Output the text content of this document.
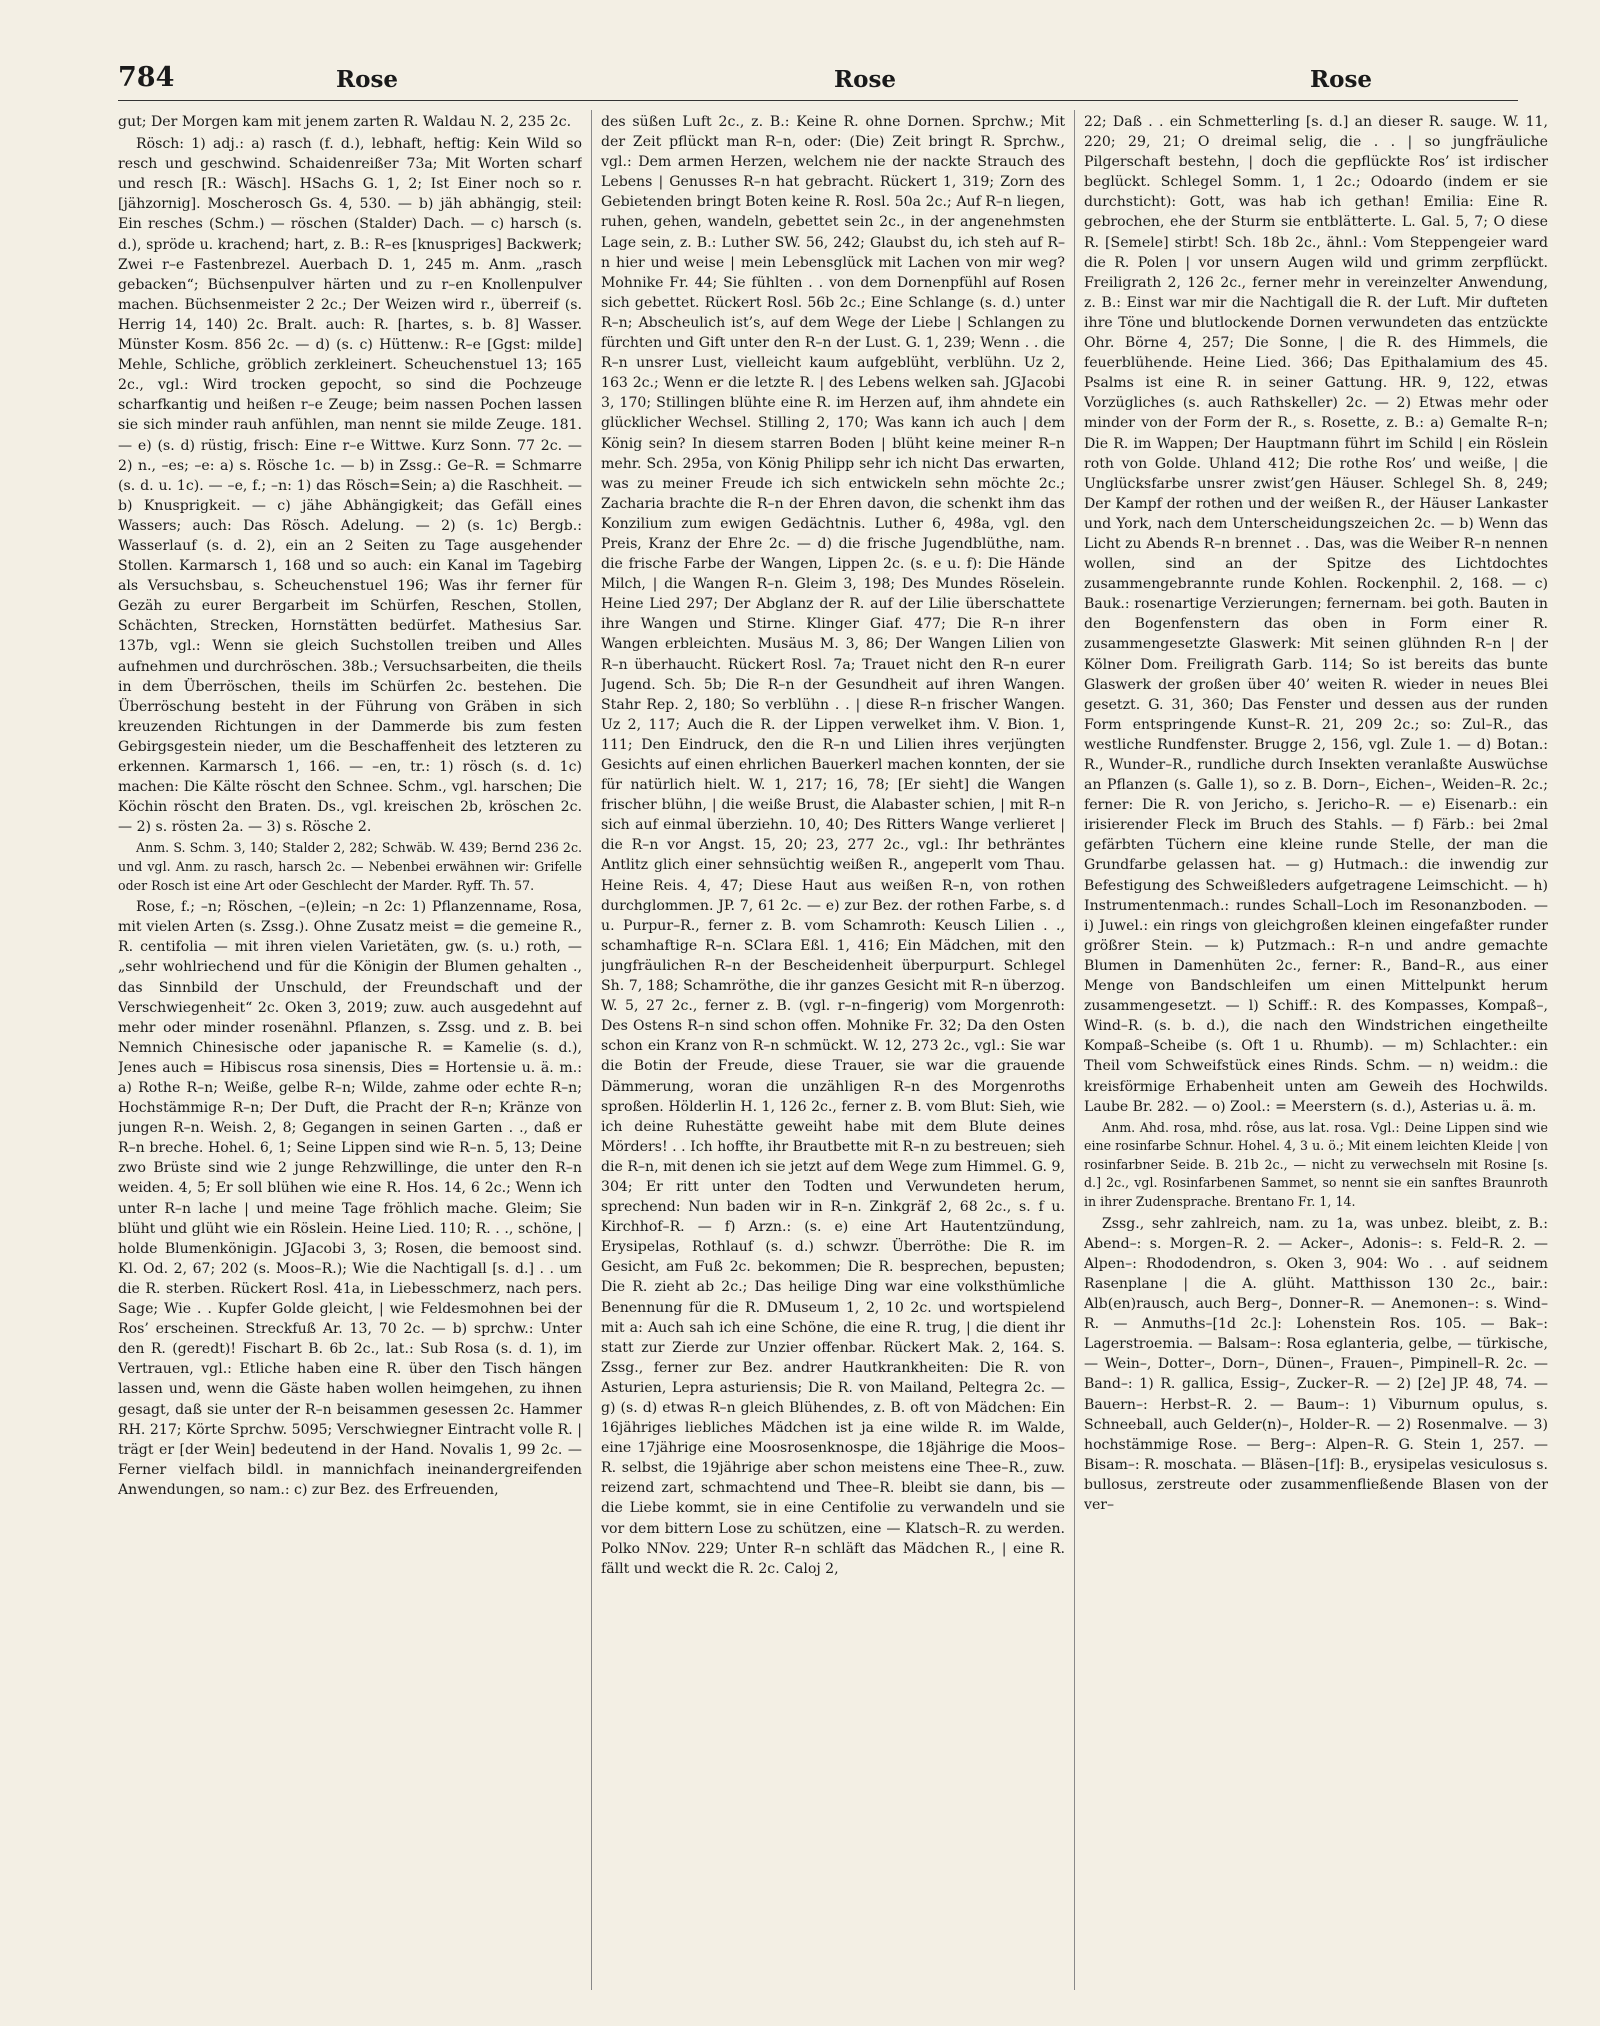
784	Rose	Rose	Rose

gut; Der Morgen kam mit jenem zarten R. Waldau N. 2, 235 2c.

Rösch: 1) adj.: a) rasch (f. d.), lebhaft, heftig: Kein Wild so resch und geschwind. Schaidenreißer 73a; Mit Worten scharf und resch [R.: Wäsch]. HSachs G. 1, 2; Ist Einer noch so r. [jähzornig]. Moscherosch Gs. 4, 530. — b) jäh abhängig, steil: Ein resches (Schm.) — röschen (Stalder) Dach. — c) harsch (s. d.), spröde u. krachend; hart, z. B.: R–es [knuspriges] Backwerk; Zwei r–e Fastenbrezel. Auerbach D. 1, 245 m. Anm. „rasch gebacken“; Büchsenpulver härten und zu r–en Knollenpulver machen. Büchsenmeister 2 2c.; Der Weizen wird r., überreif (s. Herrig 14, 140) 2c. Bralt. auch: R. [hartes, s. b. 8] Wasser. Münster Kosm. 856 2c. — d) (s. c) Hüttenw.: R–e [Ggst: milde] Mehle, Schliche, gröblich zerkleinert. Scheuchenstuel 13; 165 2c., vgl.: Wird trocken gepocht, so sind die Pochzeuge scharfkantig und heißen r–e Zeuge; beim nassen Pochen lassen sie sich minder rauh anfühlen, man nennt sie milde Zeuge. 181. — e) (s. d) rüstig, frisch: Eine r–e Wittwe. Kurz Sonn. 77 2c. — 2) n., –es; –e: a) s. Rösche 1c. — b) in Zssg.: Ge–R. = Schmarre (s. d. u. 1c). — –e, f.; –n: 1) das Rösch=Sein; a) die Raschheit. — b) Knusprigkeit. — c) jähe Abhängigkeit; das Gefäll eines Wassers; auch: Das Rösch. Adelung. — 2) (s. 1c) Bergb.: Wasserlauf (s. d. 2), ein an 2 Seiten zu Tage ausgehender Stollen. Karmarsch 1, 168 und so auch: ein Kanal im Tagebirg als Versuchsbau, s. Scheuchenstuel 196; Was ihr ferner für Gezäh zu eurer Bergarbeit im Schürfen, Reschen, Stollen, Schächten, Strecken, Hornstätten bedürfet. Mathesius Sar. 137b, vgl.: Wenn sie gleich Suchstollen treiben und Alles aufnehmen und durchröschen. 38b.; Versuchsarbeiten, die theils in dem Überröschen, theils im Schürfen 2c. bestehen. Die Überröschung besteht in der Führung von Gräben in sich kreuzenden Richtungen in der Dammerde bis zum festen Gebirgsgestein nieder, um die Beschaffenheit des letzteren zu erkennen. Karmarsch 1, 166. — –en, tr.: 1) rösch (s. d. 1c) machen: Die Kälte röscht den Schnee. Schm., vgl. harschen; Die Köchin röscht den Braten. Ds., vgl. kreischen 2b, kröschen 2c. — 2) s. rösten 2a. — 3) s. Rösche 2.

Anm. S. Schm. 3, 140; Stalder 2, 282; Schwäb. W. 439; Bernd 236 2c. und vgl. Anm. zu rasch, harsch 2c. — Nebenbei erwähnen wir: Grifelle oder Rosch ist eine Art oder Geschlecht der Marder. Ryff. Th. 57.

Rose, f.; –n; Röschen, –(e)lein; –n 2c: 1) Pflanzenname, Rosa, mit vielen Arten (s. Zssg.). Ohne Zusatz meist = die gemeine R., R. centifolia — mit ihren vielen Varietäten, gw. (s. u.) roth, — „sehr wohlriechend und für die Königin der Blumen gehalten ., das Sinnbild der Unschuld, der Freundschaft und der Verschwiegenheit“ 2c. Oken 3, 2019; zuw. auch ausgedehnt auf mehr oder minder rosenähnl. Pflanzen, s. Zssg. und z. B. bei Nemnich Chinesische oder japanische R. = Kamelie (s. d.), Jenes auch = Hibiscus rosa sinensis, Dies = Hortensie u. ä. m.: a) Rothe R–n; Weiße, gelbe R–n; Wilde, zahme oder echte R–n; Hochstämmige R–n; Der Duft, die Pracht der R–n; Kränze von jungen R–n. Weish. 2, 8; Gegangen in seinen Garten . ., daß er R–n breche. Hohel. 6, 1; Seine Lippen sind wie R–n. 5, 13; Deine zwo Brüste sind wie 2 junge Rehzwillinge, die unter den R–n weiden. 4, 5; Er soll blühen wie eine R. Hos. 14, 6 2c.; Wenn ich unter R–n lache | und meine Tage fröhlich mache. Gleim; Sie blüht und glüht wie ein Röslein. Heine Lied. 110; R. . ., schöne, | holde Blumenkönigin. JGJacobi 3, 3; Rosen, die bemoost sind. Kl. Od. 2, 67; 202 (s. Moos–R.); Wie die Nachtigall [s. d.] . . um die R. sterben. Rückert Rosl. 41a, in Liebesschmerz, nach pers. Sage; Wie . . Kupfer Golde gleicht, | wie Feldesmohnen bei der Ros’ erscheinen. Streckfuß Ar. 13, 70 2c. — b) sprchw.: Unter den R. (geredt)! Fischart B. 6b 2c., lat.: Sub Rosa (s. d. 1), im Vertrauen, vgl.: Etliche haben eine R. über den Tisch hängen lassen und, wenn die Gäste haben wollen heimgehen, zu ihnen gesagt, daß sie unter der R–n beisammen gesessen 2c. Hammer RH. 217; Körte Sprchw. 5095; Verschwiegner Eintracht volle R. | trägt er [der Wein] bedeutend in der Hand. Novalis 1, 99 2c. — Ferner vielfach bildl. in mannichfach ineinandergreifenden Anwendungen, so nam.: c) zur Bez. des Erfreuenden,

des süßen Luft 2c., z. B.: Keine R. ohne Dornen. Sprchw.; Mit der Zeit pflückt man R–n, oder: (Die) Zeit bringt R. Sprchw., vgl.: Dem armen Herzen, welchem nie der nackte Strauch des Lebens | Genusses R–n hat gebracht. Rückert 1, 319; Zorn des Gebietenden bringt Boten keine R. Rosl. 50a 2c.; Auf R–n liegen, ruhen, gehen, wandeln, gebettet sein 2c., in der angenehmsten Lage sein, z. B.: Luther SW. 56, 242; Glaubst du, ich steh auf R–n hier und weise | mein Lebensglück mit Lachen von mir weg? Mohnike Fr. 44; Sie fühlten . . von dem Dornenpfühl auf Rosen sich gebettet. Rückert Rosl. 56b 2c.; Eine Schlange (s. d.) unter R–n; Abscheulich ist’s, auf dem Wege der Liebe | Schlangen zu fürchten und Gift unter den R–n der Lust. G. 1, 239; Wenn . . die R–n unsrer Lust, vielleicht kaum aufgeblüht, verblühn. Uz 2, 163 2c.; Wenn er die letzte R. | des Lebens welken sah. JGJacobi 3, 170; Stillingen blühte eine R. im Herzen auf, ihm ahndete ein glücklicher Wechsel. Stilling 2, 170; Was kann ich auch | dem König sein? In diesem starren Boden | blüht keine meiner R–n mehr. Sch. 295a, von König Philipp sehr ich nicht Das erwarten, was zu meiner Freude ich sich entwickeln sehn möchte 2c.; Zacharia brachte die R–n der Ehren davon, die schenkt ihm das Konzilium zum ewigen Gedächtnis. Luther 6, 498a, vgl. den Preis, Kranz der Ehre 2c. — d) die frische Jugendblüthe, nam. die frische Farbe der Wangen, Lippen 2c. (s. e u. f): Die Hände Milch, | die Wangen R–n. Gleim 3, 198; Des Mundes Röselein. Heine Lied 297; Der Abglanz der R. auf der Lilie überschattete ihre Wangen und Stirne. Klinger Giaf. 477; Die R–n ihrer Wangen erbleichten. Musäus M. 3, 86; Der Wangen Lilien von R–n überhaucht. Rückert Rosl. 7a; Trauet nicht den R–n eurer Jugend. Sch. 5b; Die R–n der Gesundheit auf ihren Wangen. Stahr Rep. 2, 180; So verblühn . . | diese R–n frischer Wangen. Uz 2, 117; Auch die R. der Lippen verwelket ihm. V. Bion. 1, 111; Den Eindruck, den die R–n und Lilien ihres verjüngten Gesichts auf einen ehrlichen Bauerkerl machen konnten, der sie für natürlich hielt. W. 1, 217; 16, 78; [Er sieht] die Wangen frischer blühn, | die weiße Brust, die Alabaster schien, | mit R–n sich auf einmal überziehn. 10, 40; Des Ritters Wange verlieret | die R–n vor Angst. 15, 20; 23, 277 2c., vgl.: Ihr bethräntes Antlitz glich einer sehnsüchtig weißen R., angeperlt vom Thau. Heine Reis. 4, 47; Diese Haut aus weißen R–n, von rothen durchglommen. JP. 7, 61 2c. — e) zur Bez. der rothen Farbe, s. d u. Purpur–R., ferner z. B. vom Schamroth: Keusch Lilien . ., schamhaftige R–n. SClara Eßl. 1, 416; Ein Mädchen, mit den jungfräulichen R–n der Bescheidenheit überpurpurt. Schlegel Sh. 7, 188; Schamröthe, die ihr ganzes Gesicht mit R–n überzog. W. 5, 27 2c., ferner z. B. (vgl. r–n–fingerig) vom Morgenroth: Des Ostens R–n sind schon offen. Mohnike Fr. 32; Da den Osten schon ein Kranz von R–n schmückt. W. 12, 273 2c., vgl.: Sie war die Botin der Freude, diese Trauer, sie war die grauende Dämmerung, woran die unzähligen R–n des Morgenroths sproßen. Hölderlin H. 1, 126 2c., ferner z. B. vom Blut: Sieh, wie ich deine Ruhestätte geweiht habe mit dem Blute deines Mörders! . . Ich hoffte, ihr Brautbette mit R–n zu bestreuen; sieh die R–n, mit denen ich sie jetzt auf dem Wege zum Himmel. G. 9, 304; Er ritt unter den Todten und Verwundeten herum, sprechend: Nun baden wir in R–n. Zinkgräf 2, 68 2c., s. f u. Kirchhof–R. — f) Arzn.: (s. e) eine Art Hautentzündung, Erysipelas, Rothlauf (s. d.) schwzr. Überröthe: Die R. im Gesicht, am Fuß 2c. bekommen; Die R. besprechen, bepusten; Die R. zieht ab 2c.; Das heilige Ding war eine volksthümliche Benennung für die R. DMuseum 1, 2, 10 2c. und wortspielend mit a: Auch sah ich eine Schöne, die eine R. trug, | die dient ihr statt zur Zierde zur Unzier offenbar. Rückert Mak. 2, 164. S. Zssg., ferner zur Bez. andrer Hautkrankheiten: Die R. von Asturien, Lepra asturiensis; Die R. von Mailand, Peltegra 2c. — g) (s. d) etwas R–n gleich Blühendes, z. B. oft von Mädchen: Ein 16jähriges liebliches Mädchen ist ja eine wilde R. im Walde, eine 17jährige eine Moosrosenknospe, die 18jährige die Moos–R. selbst, die 19jährige aber schon meistens eine Thee–R., zuw. reizend zart, schmachtend und Thee–R. bleibt sie dann, bis — die Liebe kommt, sie in eine Centifolie zu verwandeln und sie vor dem bittern Lose zu schützen, eine — Klatsch–R. zu werden. Polko NNov. 229; Unter R–n schläft das Mädchen R., | eine R. fällt und weckt die R. 2c. Caloj 2,

22; Daß . . ein Schmetterling [s. d.] an dieser R. sauge. W. 11, 220; 29, 21; O dreimal selig, die . . | so jungfräuliche Pilgerschaft bestehn, | doch die gepflückte Ros’ ist irdischer beglückt. Schlegel Somm. 1, 1 2c.; Odoardo (indem er sie durchsticht): Gott, was hab ich gethan! Emilia: Eine R. gebrochen, ehe der Sturm sie entblätterte. L. Gal. 5, 7; O diese R. [Semele] stirbt! Sch. 18b 2c., ähnl.: Vom Steppengeier ward die R. Polen | vor unsern Augen wild und grimm zerpflückt. Freiligrath 2, 126 2c., ferner mehr in vereinzelter Anwendung, z. B.: Einst war mir die Nachtigall die R. der Luft. Mir dufteten ihre Töne und blutlockende Dornen verwundeten das entzückte Ohr. Börne 4, 257; Die Sonne, | die R. des Himmels, die feuerblühende. Heine Lied. 366; Das Epithalamium des 45. Psalms ist eine R. in seiner Gattung. HR. 9, 122, etwas Vorzügliches (s. auch Rathskeller) 2c. — 2) Etwas mehr oder minder von der Form der R., s. Rosette, z. B.: a) Gemalte R–n; Die R. im Wappen; Der Hauptmann führt im Schild | ein Röslein roth von Golde. Uhland 412; Die rothe Ros’ und weiße, | die Unglücksfarbe unsrer zwist’gen Häuser. Schlegel Sh. 8, 249; Der Kampf der rothen und der weißen R., der Häuser Lankaster und York, nach dem Unterscheidungszeichen 2c. — b) Wenn das Licht zu Abends R–n brennet . . Das, was die Weiber R–n nennen wollen, sind an der Spitze des Lichtdochtes zusammengebrannte runde Kohlen. Rockenphil. 2, 168. — c) Bauk.: rosenartige Verzierungen; fernernam. bei goth. Bauten in den Bogenfenstern das oben in Form einer R. zusammengesetzte Glaswerk: Mit seinen glühnden R–n | der Kölner Dom. Freiligrath Garb. 114; So ist bereits das bunte Glaswerk der großen über 40’ weiten R. wieder in neues Blei gesetzt. G. 31, 360; Das Fenster und dessen aus der runden Form entspringende Kunst–R. 21, 209 2c.; so: Zul–R., das westliche Rundfenster. Brugge 2, 156, vgl. Zule 1. — d) Botan.: R., Wunder–R., rundliche durch Insekten veranlaßte Auswüchse an Pflanzen (s. Galle 1), so z. B. Dorn–, Eichen–, Weiden–R. 2c.; ferner: Die R. von Jericho, s. Jericho–R. — e) Eisenarb.: ein irisierender Fleck im Bruch des Stahls. — f) Färb.: bei 2mal gefärbten Tüchern eine kleine runde Stelle, der man die Grundfarbe gelassen hat. — g) Hutmach.: die inwendig zur Befestigung des Schweißleders aufgetragene Leimschicht. — h) Instrumentenmach.: rundes Schall–Loch im Resonanzboden. — i) Juwel.: ein rings von gleichgroßen kleinen eingefaßter runder größrer Stein. — k) Putzmach.: R–n und andre gemachte Blumen in Damenhüten 2c., ferner: R., Band–R., aus einer Menge von Bandschleifen um einen Mittelpunkt herum zusammengesetzt. — l) Schiff.: R. des Kompasses, Kompaß–, Wind–R. (s. b. d.), die nach den Windstrichen eingetheilte Kompaß–Scheibe (s. Oft 1 u. Rhumb). — m) Schlachter.: ein Theil vom Schweifstück eines Rinds. Schm. — n) weidm.: die kreisförmige Erhabenheit unten am Geweih des Hochwilds. Laube Br. 282. — o) Zool.: = Meerstern (s. d.), Asterias u. ä. m.

Anm. Ahd. rosa, mhd. rôse, aus lat. rosa. Vgl.: Deine Lippen sind wie eine rosinfarbe Schnur. Hohel. 4, 3 u. ö.; Mit einem leichten Kleide | von rosinfarbner Seide. B. 21b 2c., — nicht zu verwechseln mit Rosine [s. d.] 2c., vgl. Rosinfarbenen Sammet, so nennt sie ein sanftes Braunroth in ihrer Zudensprache. Brentano Fr. 1, 14.

Zssg., sehr zahlreich, nam. zu 1a, was unbez. bleibt, z. B.: Abend–: s. Morgen–R. 2. — Acker–, Adonis–: s. Feld–R. 2. — Alpen–: Rhododendron, s. Oken 3, 904: Wo . . auf seidnem Rasenplane | die A. glüht. Matthisson 130 2c., bair.: Alb(en)rausch, auch Berg–, Donner–R. — Anemonen–: s. Wind–R. — Anmuths–[1d 2c.]: Lohenstein Ros. 105. — Bak–: Lagerstroemia. — Balsam–: Rosa eglanteria, gelbe, — türkische, — Wein–, Dotter–, Dorn–, Dünen–, Frauen–, Pimpinell–R. 2c. — Band–: 1) R. gallica, Essig–, Zucker–R. — 2) [2e] JP. 48, 74. — Bauern–: Herbst–R. 2. — Baum–: 1) Viburnum opulus, s. Schneeball, auch Gelder(n)–, Holder–R. — 2) Rosenmalve. — 3) hochstämmige Rose. — Berg–: Alpen–R. G. Stein 1, 257. — Bisam–: R. moschata. — Bläsen–[1f]: B., erysipelas vesiculosus s. bullosus, zerstreute oder zusammenfließende Blasen von der ver–
